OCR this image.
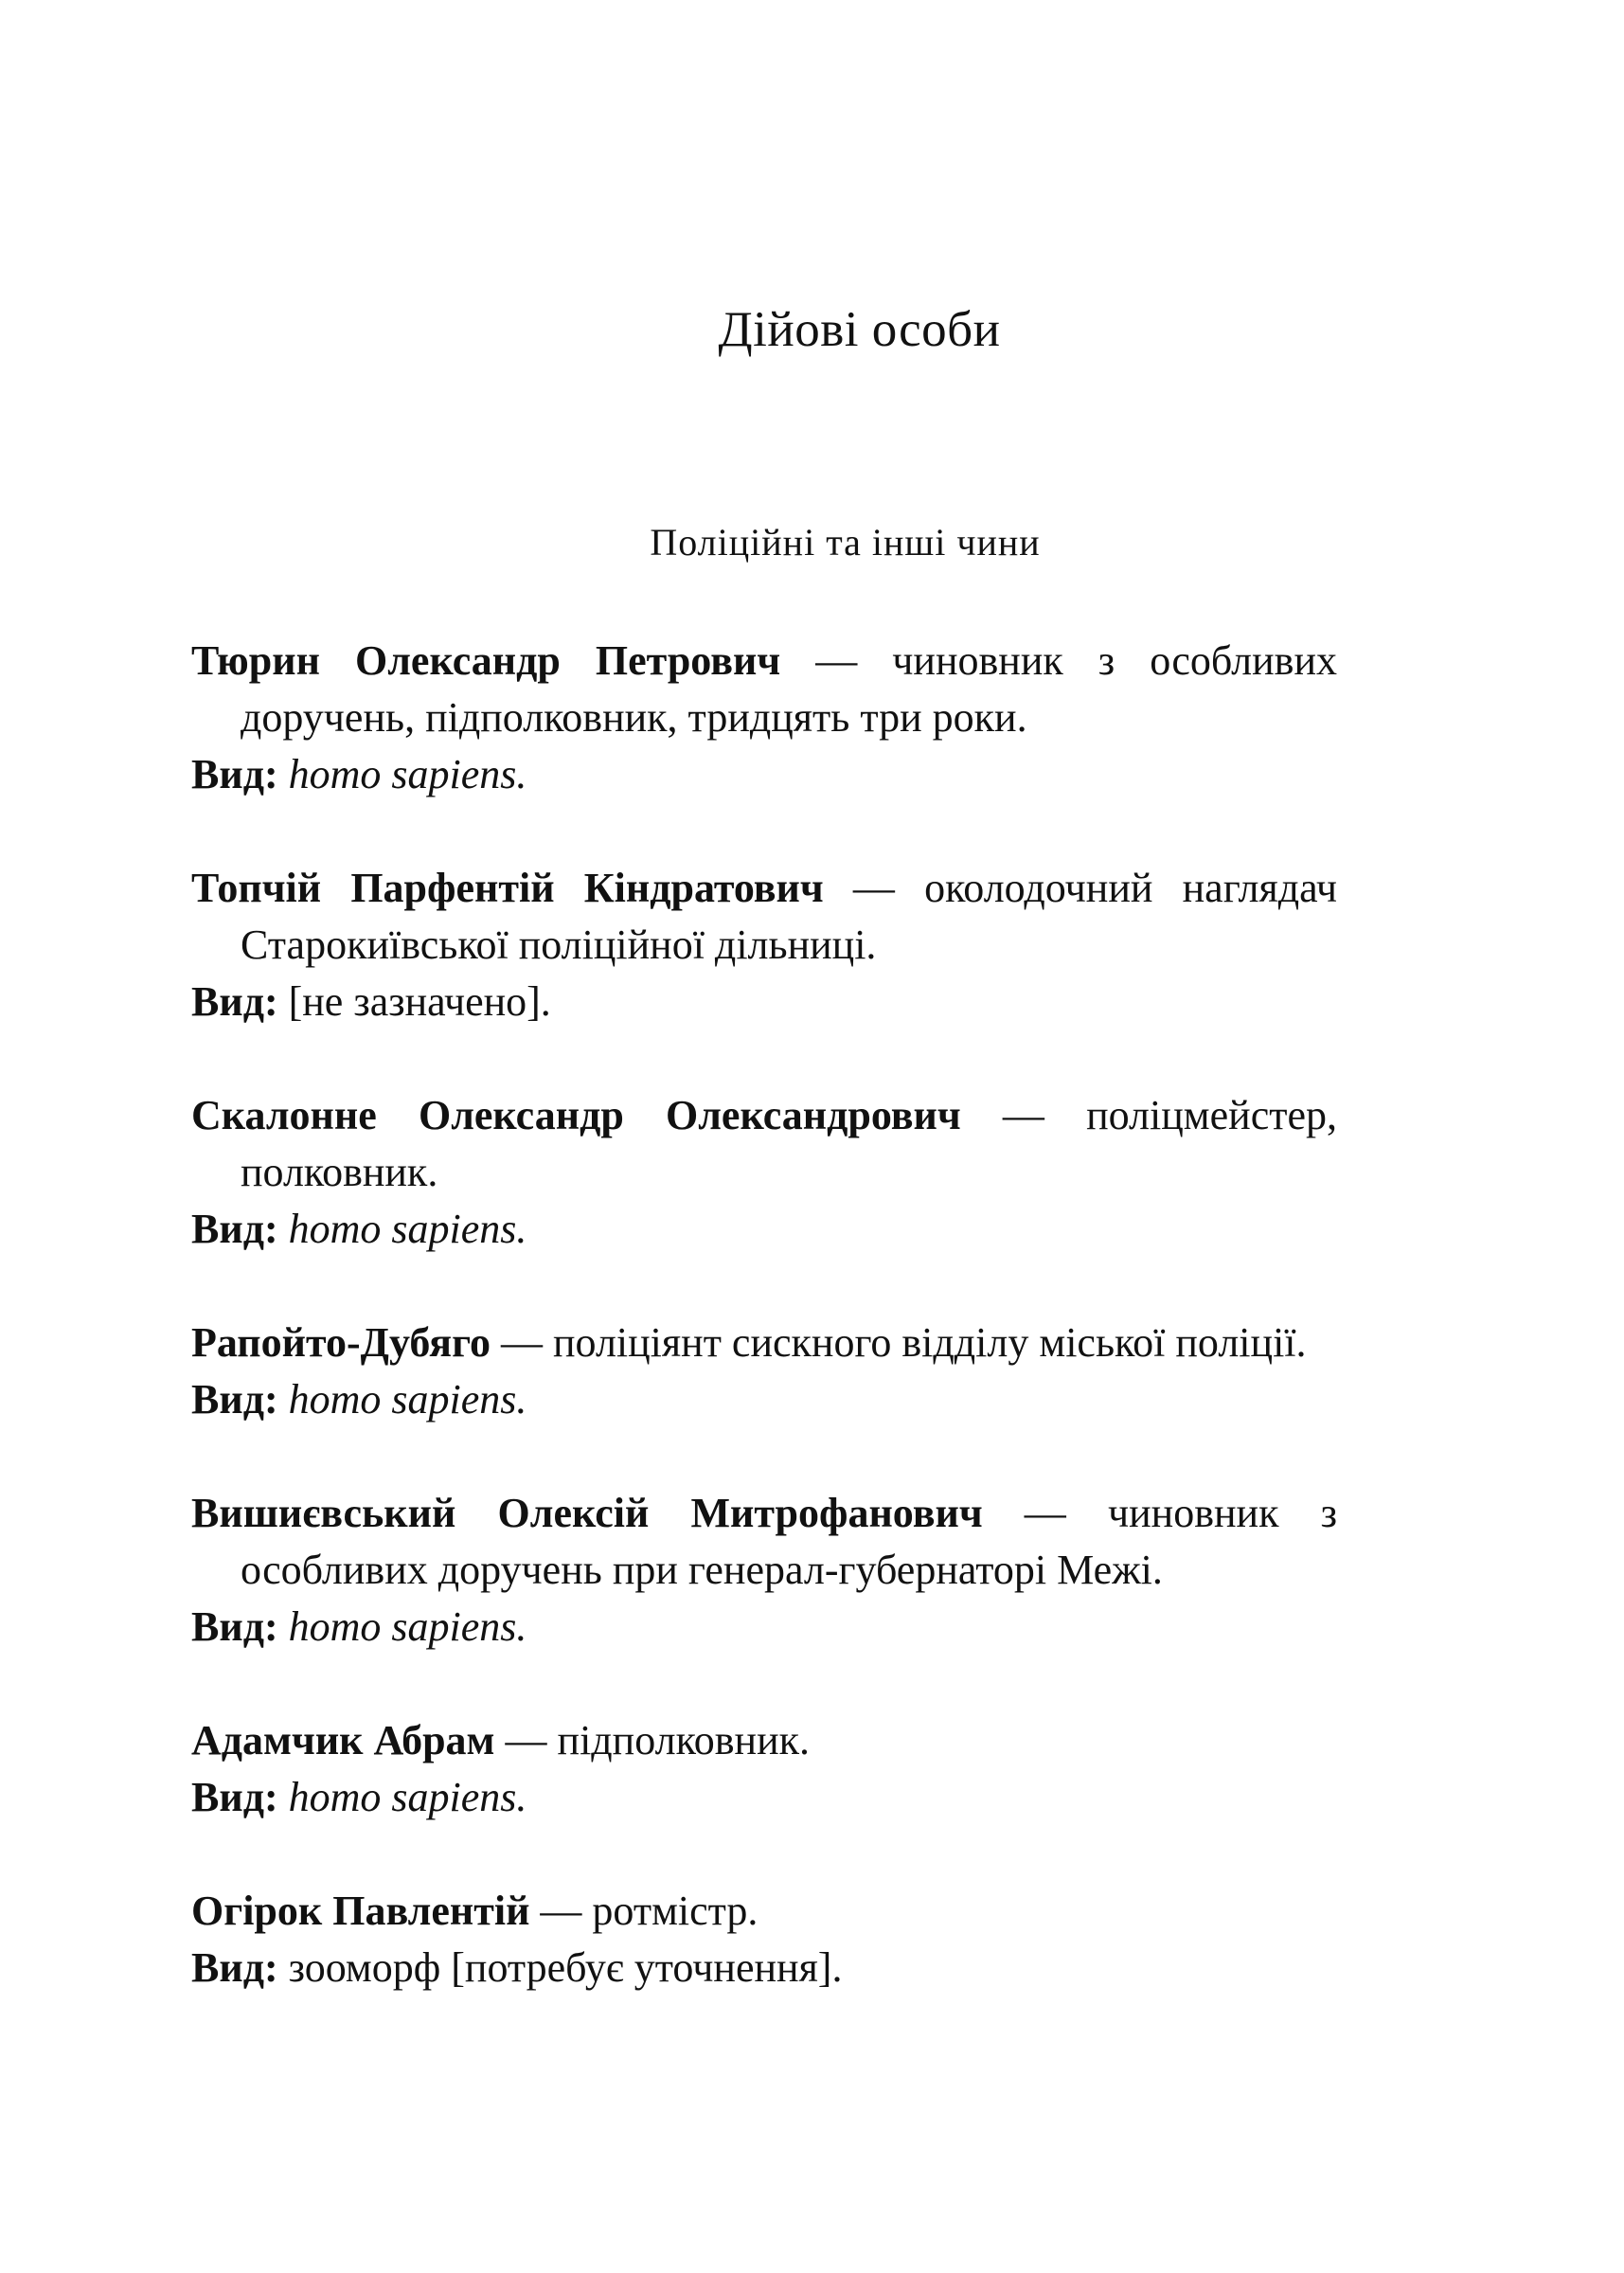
Дійові особи
Поліційні та інші чини
Тюрин Олександр Петрович — чиновник з особливих доручень, підполковник, тридцять три роки.
Вид: homo sapiens.
Топчій Парфентій Кіндратович — околодочний наглядач Старокиївської поліційної дільниці.
Вид: [не зазначено].
Скалонне Олександр Олександрович — поліцмейстер, полковник.
Вид: homo sapiens.
Рапойто-Дубяго — поліціянт сискного відділу міської поліції.
Вид: homo sapiens.
Вишиєвський Олексій Митрофанович — чиновник з особливих доручень при генерал-губернаторі Межі.
Вид: homo sapiens.
Адамчик Абрам — підполковник.
Вид: homo sapiens.
Огірок Павлентій — ротмістр.
Вид: зооморф [потребує уточнення].
